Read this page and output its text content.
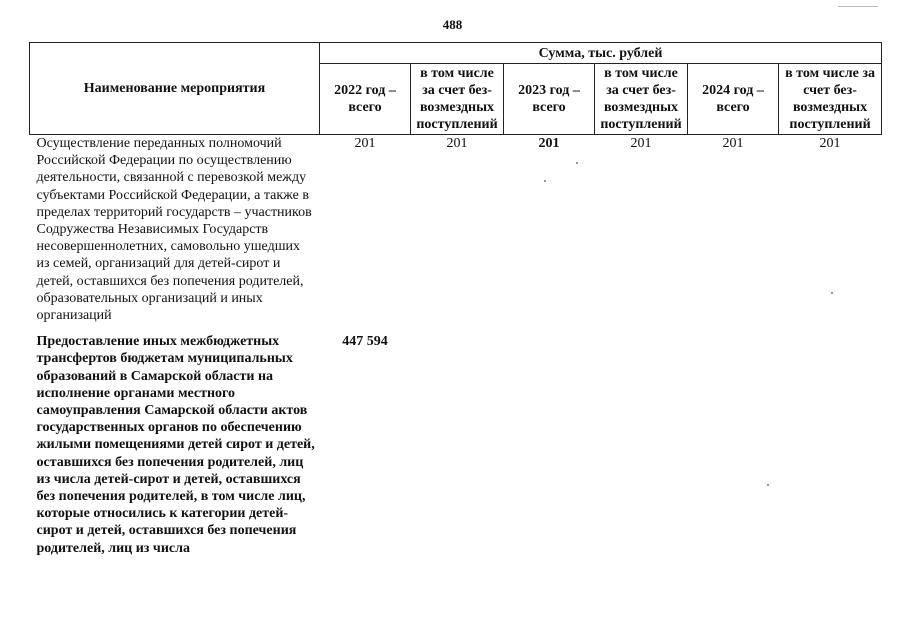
488
Наименование мероприятия	Сумма, тыс. рублей					
	2022 год – всего	в том числе за счет без-возмездных поступлений	2023 год – всего	в том числе за счет без-возмездных поступлений	2024 год – всего	в том числе за счет без-возмездных поступлений
Осуществление переданных полномочий Российской Федерации по осуществлению деятельности, связанной с перевозкой между субъектами Российской Федерации, а также в пределах территорий государств – участников Содружества Независимых Государств несовершеннолетних, самовольно ушедших из семей, организаций для детей-сирот и детей, оставшихся без попечения родителей, образовательных организаций и иных организаций	201	201	201	201	201	201
Предоставление иных межбюджетных трансфертов бюджетам муниципальных образований в Самарской области на исполнение органами местного самоуправления Самарской области актов государственных органов по обеспечению жилыми помещениями детей сирот и детей, оставшихся без попечения родителей, лиц из числа детей-сирот и детей, оставшихся без попечения родителей, в том числе лиц, которые относились к категории детей-сирот и детей, оставшихся без попечения родителей, лиц из числа	447 594					
